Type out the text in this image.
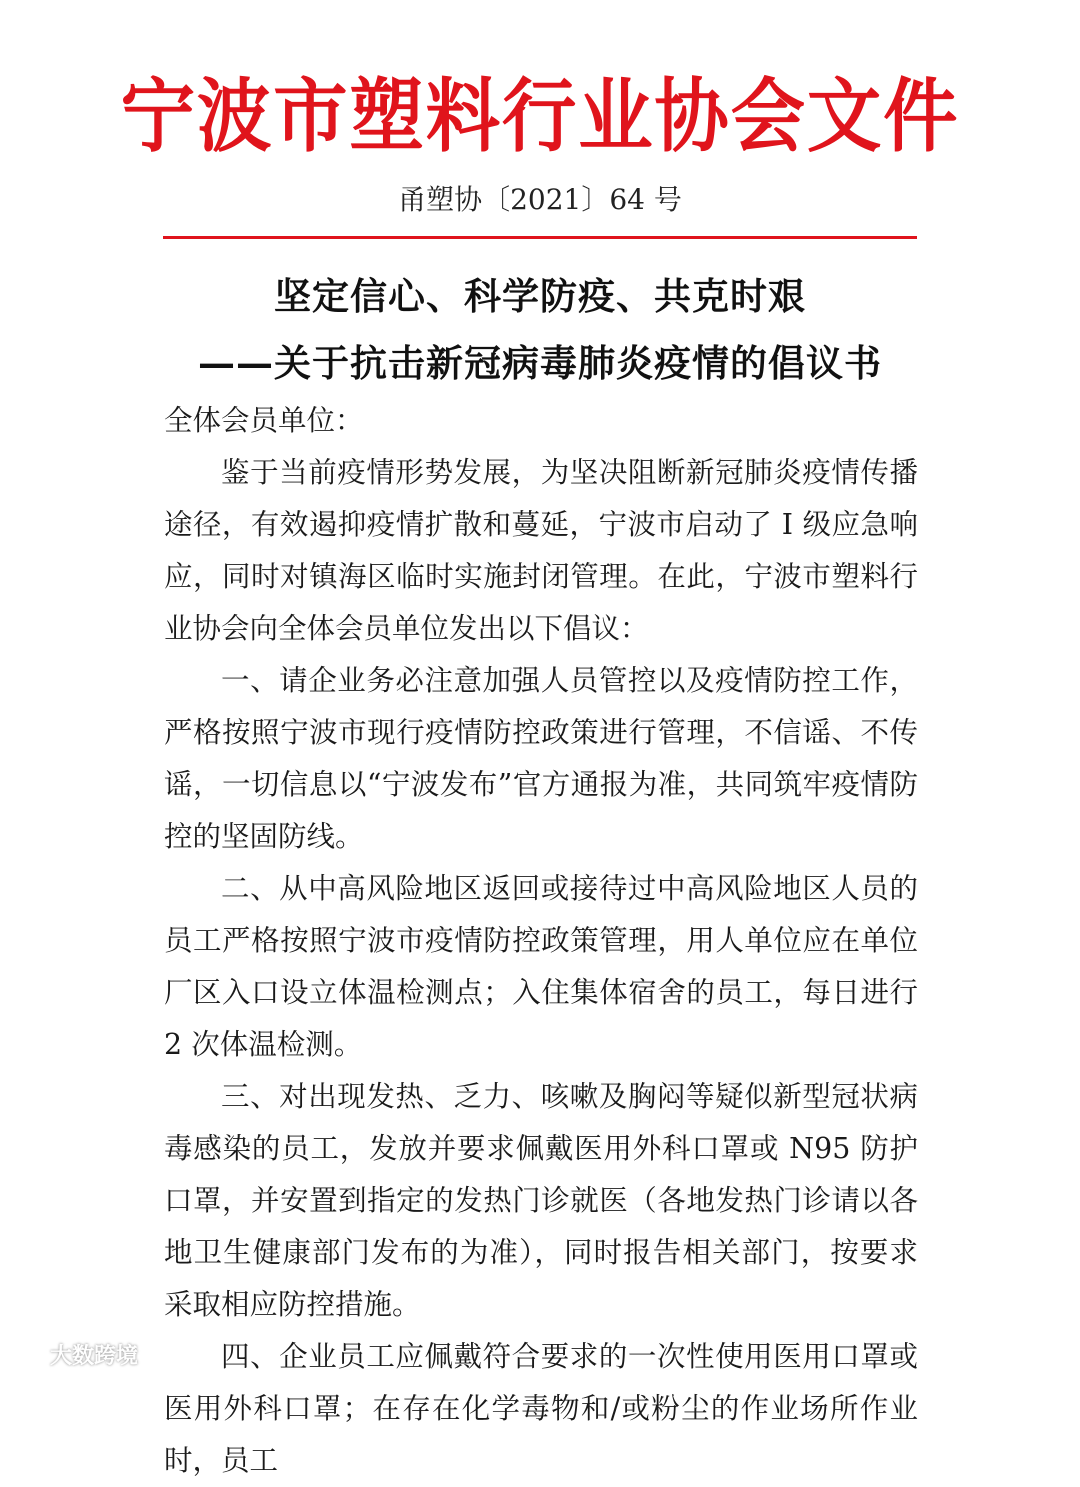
宁波市塑料行业协会文件
甬塑协〔2021〕64 号
坚定信心、科学防疫、共克时艰
——关于抗击新冠病毒肺炎疫情的倡议书

全体会员单位：

鉴于当前疫情形势发展，为坚决阻断新冠肺炎疫情传播途径，有效遏抑疫情扩散和蔓延，宁波市启动了 I 级应急响应，同时对镇海区临时实施封闭管理。在此，宁波市塑料行业协会向全体会员单位发出以下倡议：

一、请企业务必注意加强人员管控以及疫情防控工作，严格按照宁波市现行疫情防控政策进行管理，不信谣、不传谣，一切信息以“宁波发布”官方通报为准，共同筑牢疫情防控的坚固防线。

二、从中高风险地区返回或接待过中高风险地区人员的员工严格按照宁波市疫情防控政策管理，用人单位应在单位厂区入口设立体温检测点；入住集体宿舍的员工，每日进行 2 次体温检测。

三、对出现发热、乏力、咳嗽及胸闷等疑似新型冠状病毒感染的员工，发放并要求佩戴医用外科口罩或 N95 防护口罩，并安置到指定的发热门诊就医（各地发热门诊请以各地卫生健康部门发布的为准），同时报告相关部门，按要求采取相应防控措施。

四、企业员工应佩戴符合要求的一次性使用医用口罩或医用外科口罩；在存在化学毒物和/或粉尘的作业场所作业时，员工

大数跨境
